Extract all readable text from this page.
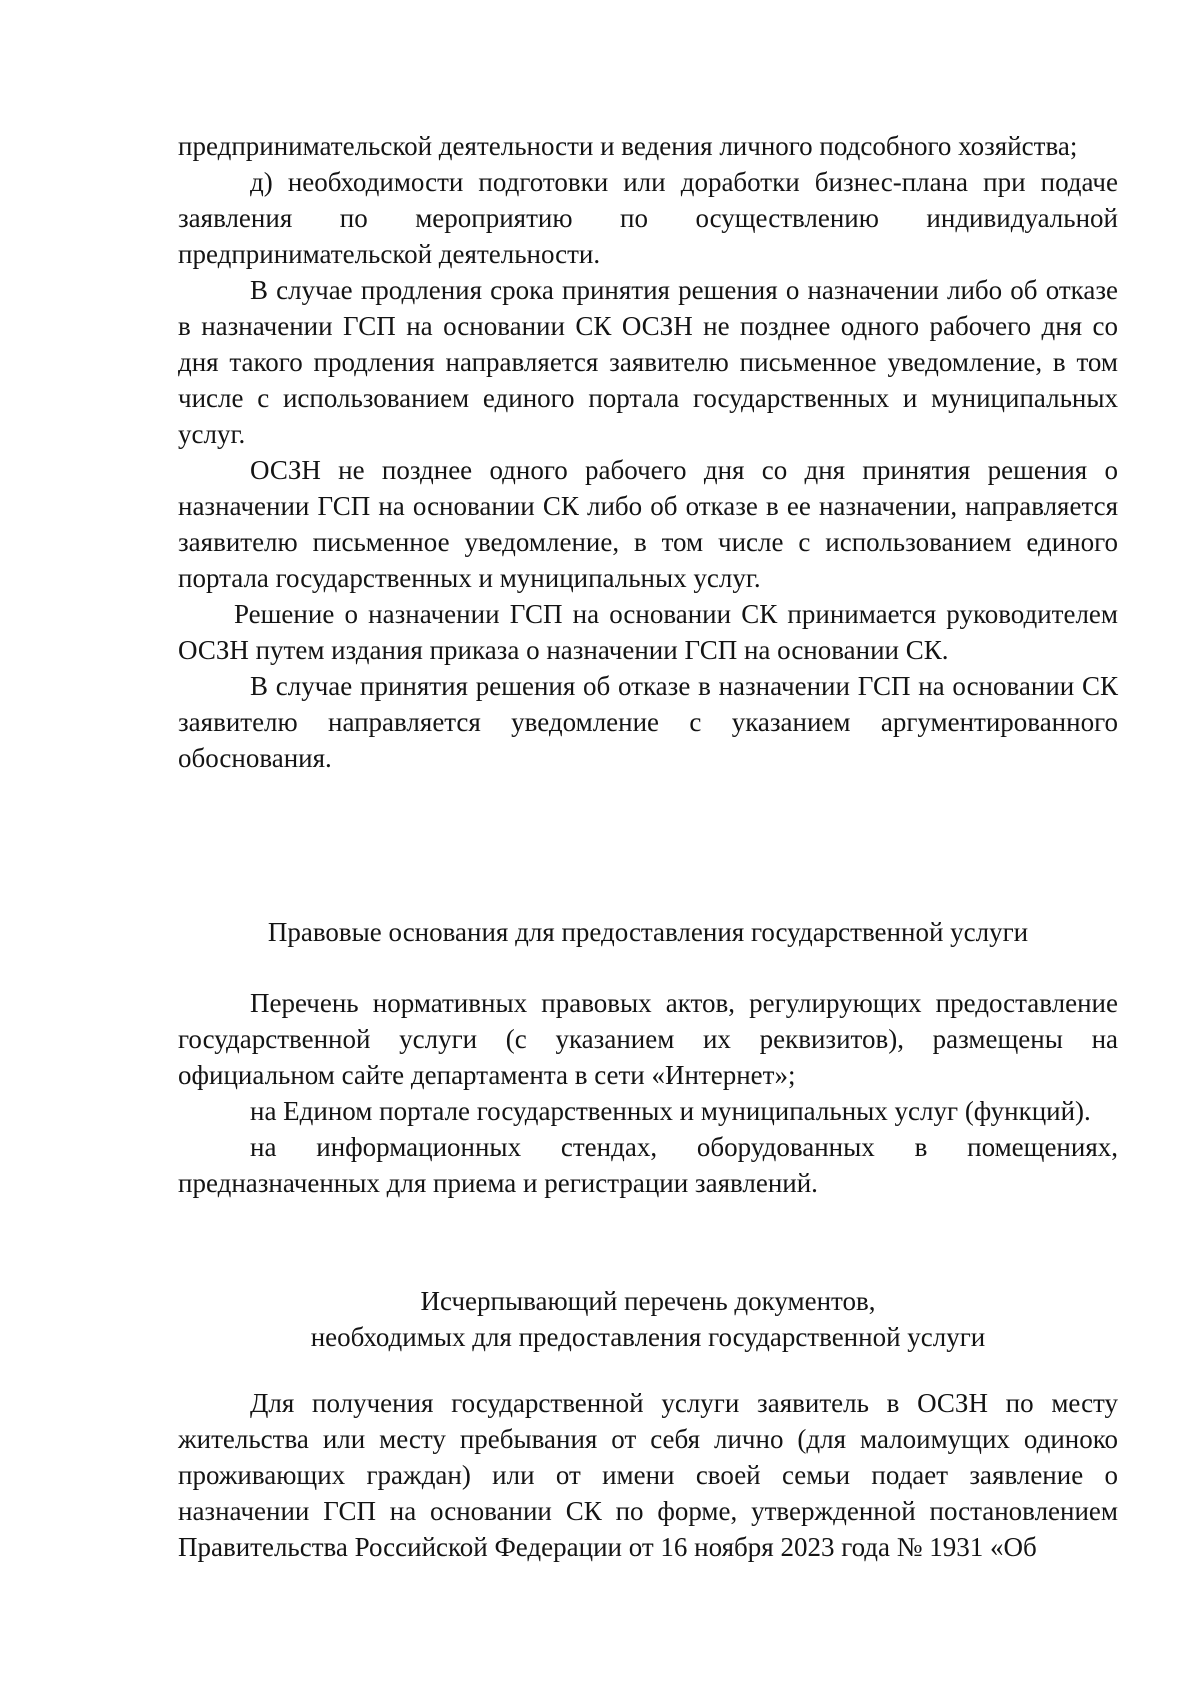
предпринимательской деятельности и ведения личного подсобного хозяйства;

д) необходимости подготовки или доработки бизнес-плана при подаче заявления по мероприятию по осуществлению индивидуальной предпринимательской деятельности.

В случае продления срока принятия решения о назначении либо об отказе в назначении ГСП на основании СК ОСЗН не позднее одного рабочего дня со дня такого продления направляется заявителю письменное уведомление, в том числе с использованием единого портала государственных и муниципальных услуг.

ОСЗН не позднее одного рабочего дня со дня принятия решения о назначении ГСП на основании СК либо об отказе в ее назначении, направляется заявителю письменное уведомление, в том числе с использованием единого портала государственных и муниципальных услуг.

Решение о назначении ГСП на основании СК принимается руководителем ОСЗН путем издания приказа о назначении ГСП на основании СК.

В случае принятия решения об отказе в назначении ГСП на основании СК заявителю направляется уведомление с указанием аргументированного обоснования.

Правовые основания для предоставления государственной услуги

Перечень нормативных правовых актов, регулирующих предоставление государственной услуги (с указанием их реквизитов), размещены на официальном сайте департамента в сети «Интернет»;

на Едином портале государственных и муниципальных услуг (функций).

на информационных стендах, оборудованных в помещениях, предназначенных для приема и регистрации заявлений.

Исчерпывающий перечень документов,

необходимых для предоставления государственной услуги

Для получения государственной услуги заявитель в ОСЗН по месту жительства или месту пребывания от себя лично (для малоимущих одиноко проживающих граждан) или от имени своей семьи подает заявление о назначении ГСП на основании СК по форме, утвержденной постановлением Правительства Российской Федерации от 16 ноября 2023 года № 1931 «Об
